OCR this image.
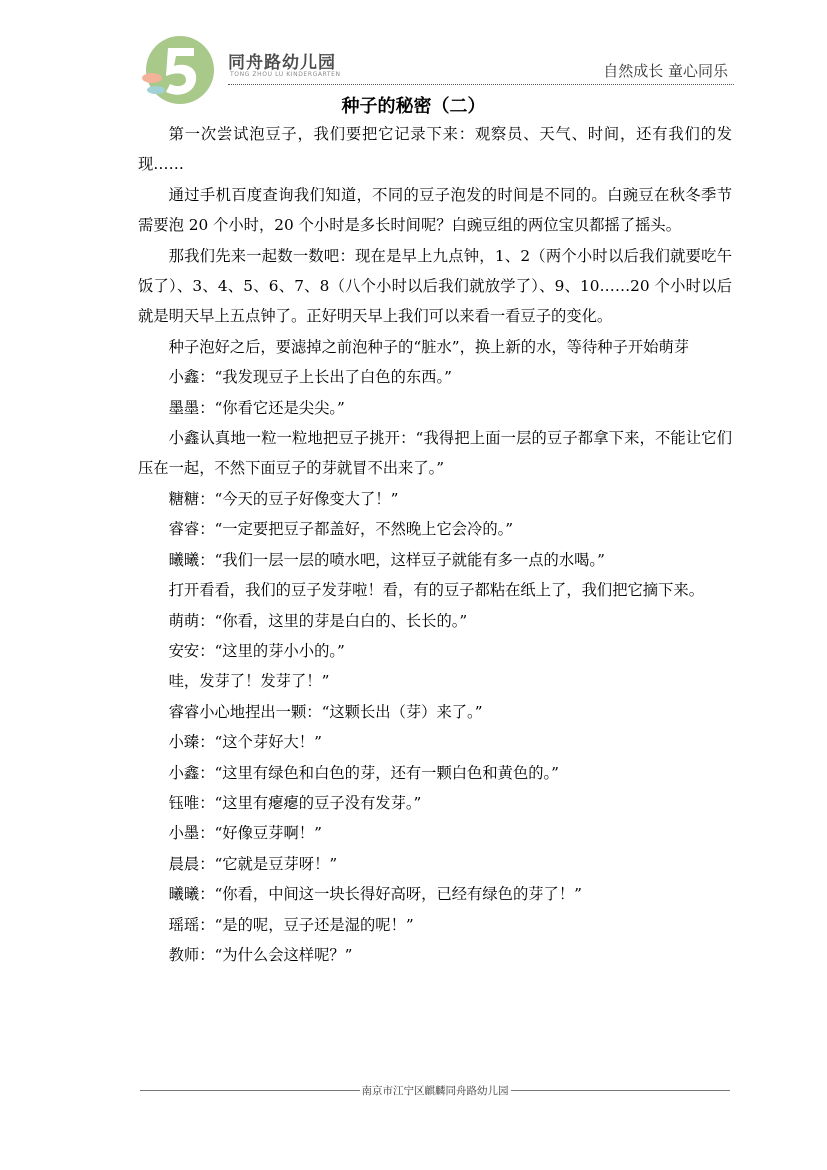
同舟路幼儿园
TONG ZHOU LU KINDERGARTEN	自然成长 童心同乐
种子的秘密（二）

第一次尝试泡豆子，我们要把它记录下来：观察员、天气、时间，还有我们的发现……

通过手机百度查询我们知道，不同的豆子泡发的时间是不同的。白豌豆在秋冬季节需要泡 20 个小时，20 个小时是多长时间呢？白豌豆组的两位宝贝都摇了摇头。

那我们先来一起数一数吧：现在是早上九点钟，1、2（两个小时以后我们就要吃午饭了）、3、4、5、6、7、8（八个小时以后我们就放学了）、9、10……20 个小时以后就是明天早上五点钟了。正好明天早上我们可以来看一看豆子的变化。

种子泡好之后，要滤掉之前泡种子的“脏水”，换上新的水，等待种子开始萌芽

小鑫：“我发现豆子上长出了白色的东西。”

墨墨：“你看它还是尖尖。”

小鑫认真地一粒一粒地把豆子挑开：“我得把上面一层的豆子都拿下来，不能让它们压在一起，不然下面豆子的芽就冒不出来了。”

糖糖：“今天的豆子好像变大了！”

睿睿：“一定要把豆子都盖好，不然晚上它会冷的。”

曦曦：“我们一层一层的喷水吧，这样豆子就能有多一点的水喝。”

打开看看，我们的豆子发芽啦！看，有的豆子都粘在纸上了，我们把它摘下来。

萌萌：“你看，这里的芽是白白的、长长的。”

安安：“这里的芽小小的。”

哇，发芽了！发芽了！”

睿睿小心地捏出一颗：“这颗长出（芽）来了。”

小臻：“这个芽好大！”

小鑫：“这里有绿色和白色的芽，还有一颗白色和黄色的。”

钰唯：“这里有瘪瘪的豆子没有发芽。”

小墨：“好像豆芽啊！”

晨晨：“它就是豆芽呀！”

曦曦：“你看，中间这一块长得好高呀，已经有绿色的芽了！”

瑶瑶：“是的呢，豆子还是湿的呢！”

教师：“为什么会这样呢？”

南京市江宁区麒麟同舟路幼儿园
